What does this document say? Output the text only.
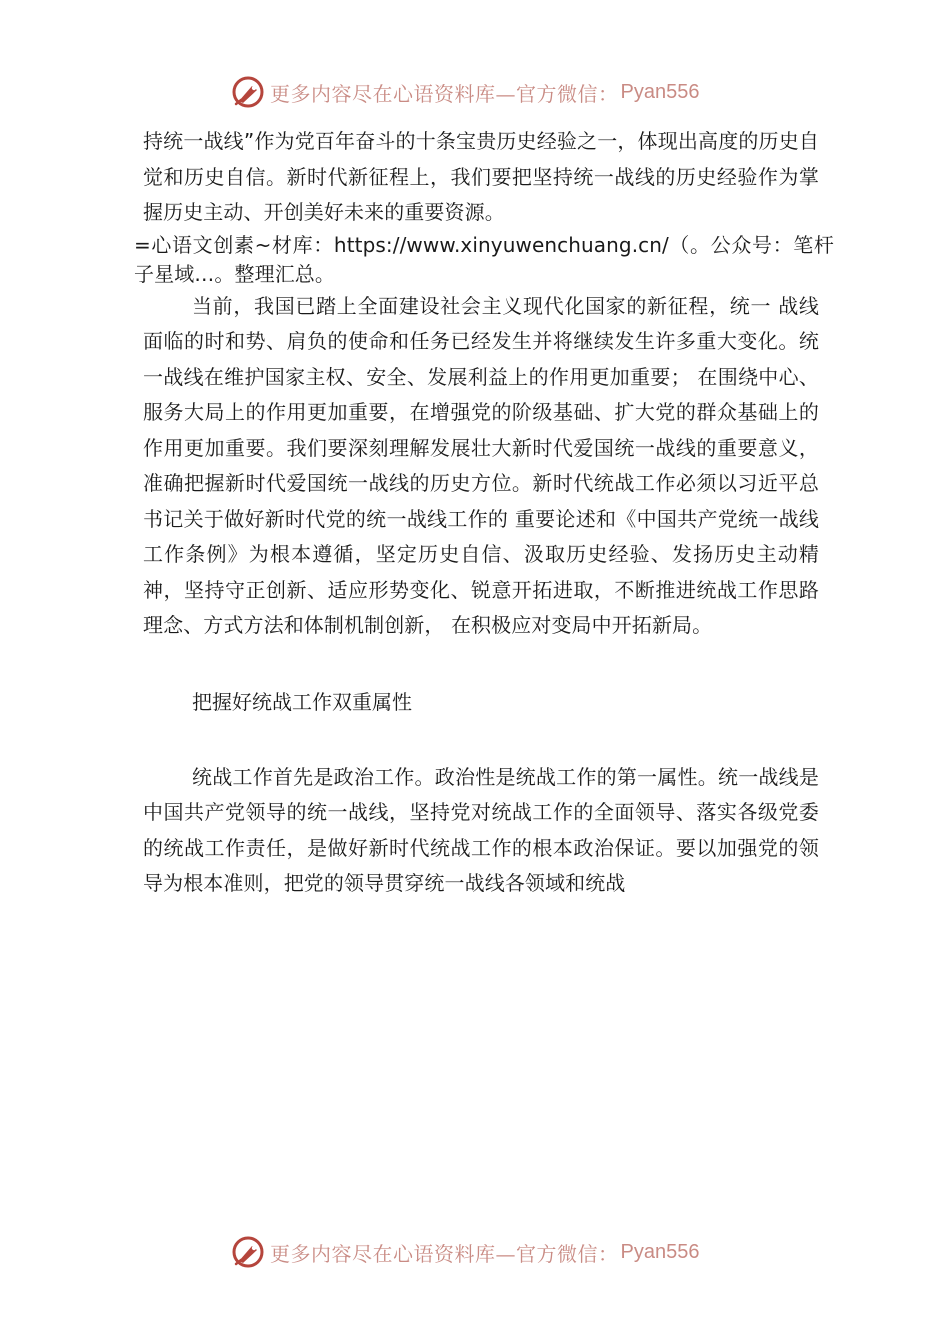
更多内容尽在心语资料库—官方微信： Pyan556

持统一战线”作为党百年奋斗的十条宝贵历史经验之一，体现出高度的历史自觉和历史自信。新时代新征程上，我们要把坚持统一战线的历史经验作为掌握历史主动、开创美好未来的重要资源。

=心语文创素~材库：https://www.xinyuwenchuang.cn/（。公众号：笔杆子星域…。整理汇总。

当前，我国已踏上全面建设社会主义现代化国家的新征程，统一 战线面临的时和势、肩负的使命和任务已经发生并将继续发生许多重大变化。统一战线在维护国家主权、安全、发展利益上的作用更加重要； 在围绕中心、服务大局上的作用更加重要，在增强党的阶级基础、扩大党的群众基础上的作用更加重要。我们要深刻理解发展壮大新时代爱国统一战线的重要意义，准确把握新时代爱国统一战线的历史方位。新时代统战工作必须以习近平总书记关于做好新时代党的统一战线工作的 重要论述和《中国共产党统一战线工作条例》为根本遵循，坚定历史自信、汲取历史经验、发扬历史主动精神，坚持守正创新、适应形势变化、锐意开拓进取，不断推进统战工作思路理念、方式方法和体制机制创新， 在积极应对变局中开拓新局。

把握好统战工作双重属性

统战工作首先是政治工作。政治性是统战工作的第一属性。统一战线是中国共产党领导的统一战线，坚持党对统战工作的全面领导、落实各级党委的统战工作责任，是做好新时代统战工作的根本政治保证。要以加强党的领导为根本准则，把党的领导贯穿统一战线各领域和统战

更多内容尽在心语资料库—官方微信： Pyan556
